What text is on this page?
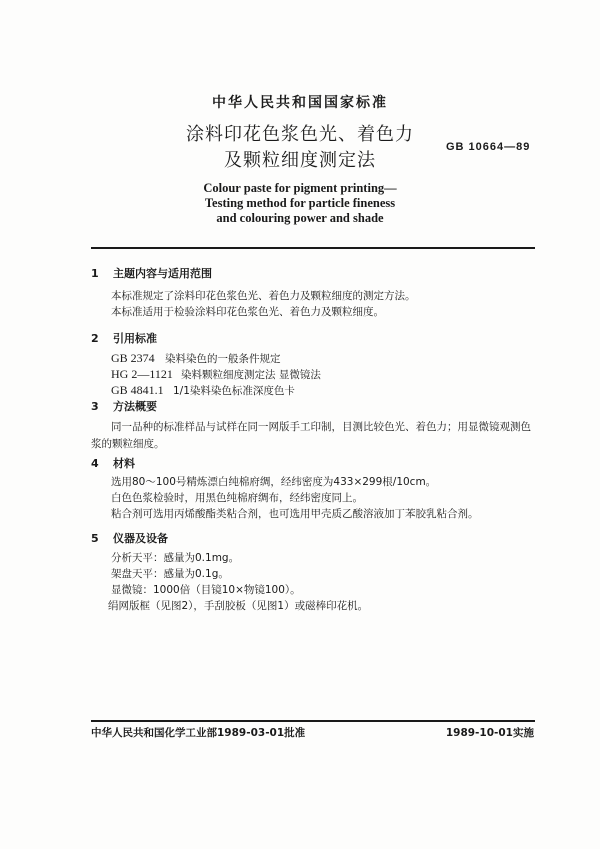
中华人民共和国国家标准
涂料印花色浆色光、着色力
及颗粒细度测定法
GB 10664—89
Colour paste for pigment printing—
Testing method for particle fineness
and colouring power and shade
1 主题内容与适用范围
本标准规定了涂料印花色浆色光、着色力及颗粒细度的测定方法。
本标准适用于检验涂料印花色浆色光、着色力及颗粒细度。
2 引用标准
GB 2374 染料染色的一般条件规定
HG 2—1121 染料颗粒细度测定法 显微镜法
GB 4841.1 1/1染料染色标准深度色卡
3 方法概要
同一品种的标准样品与试样在同一网版手工印制，目测比较色光、着色力；用显微镜观测色浆的颗粒细度。
4 材料
选用80～100号精炼漂白纯棉府绸，经纬密度为433×299根/10cm。
白色色浆检验时，用黑色纯棉府绸布，经纬密度同上。
粘合剂可选用丙烯酸酯类粘合剂，也可选用甲壳质乙酸溶液加丁苯胶乳粘合剂。
5 仪器及设备
分析天平：感量为0.1mg。
架盘天平：感量为0.1g。
显微镜：1000倍（目镜10×物镜100）。
绢网版框（见图2），手刮胶板（见图1）或磁棒印花机。
中华人民共和国化学工业部1989-03-01批准	1989-10-01实施
